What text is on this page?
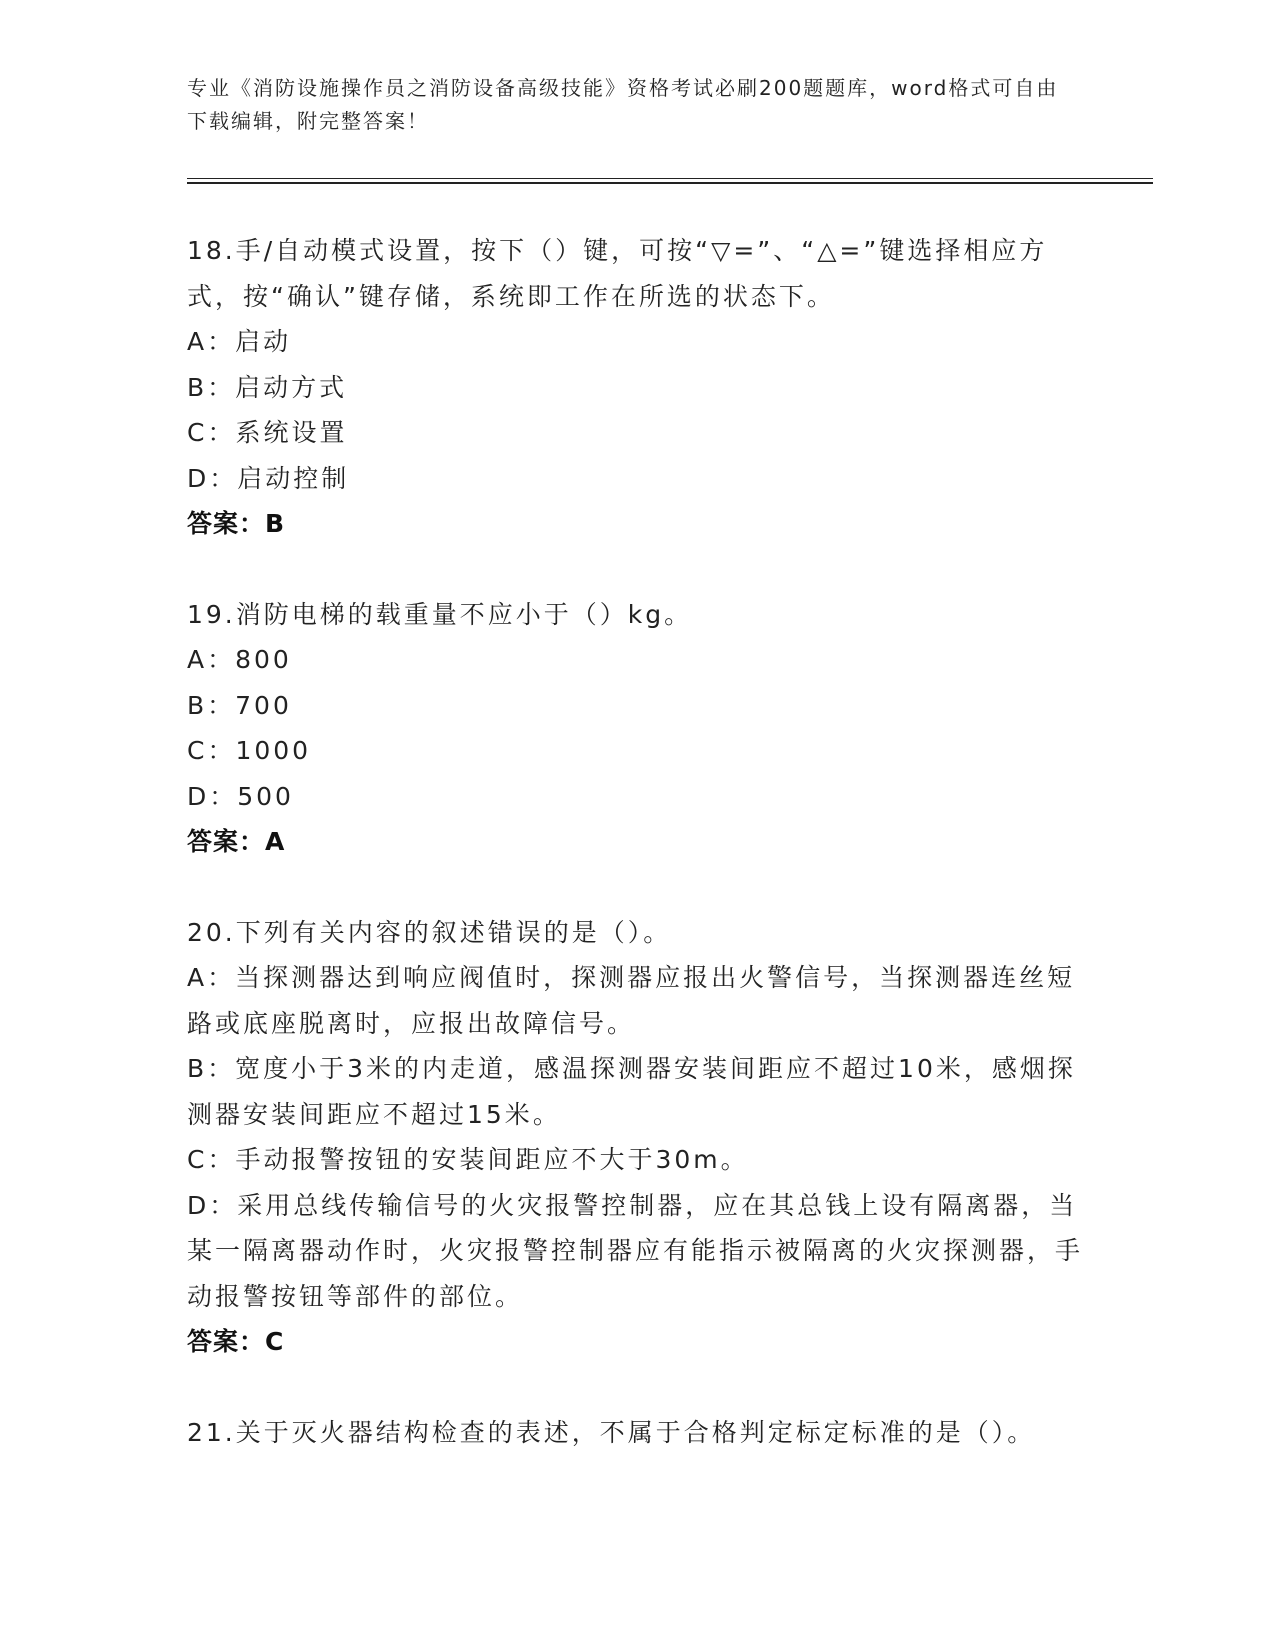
专业《消防设施操作员之消防设备高级技能》资格考试必刷200题题库，word格式可自由下载编辑，附完整答案！
18.手/自动模式设置，按下（）键，可按“▽=”、“△=”键选择相应方式，按“确认”键存储，系统即工作在所选的状态下。
A：启动
B：启动方式
C：系统设置
D：启动控制
答案：B
19.消防电梯的载重量不应小于（）kg。
A：800
B：700
C：1000
D：500
答案：A
20.下列有关内容的叙述错误的是（）。
A：当探测器达到响应阀值时，探测器应报出火警信号，当探测器连丝短路或底座脱离时，应报出故障信号。
B：宽度小于3米的内走道，感温探测器安装间距应不超过10米，感烟探测器安装间距应不超过15米。
C：手动报警按钮的安装间距应不大于30m。
D：采用总线传输信号的火灾报警控制器，应在其总钱上设有隔离器，当某一隔离器动作时，火灾报警控制器应有能指示被隔离的火灾探测器，手动报警按钮等部件的部位。
答案：C
21.关于灭火器结构检查的表述，不属于合格判定标定标准的是（）。
